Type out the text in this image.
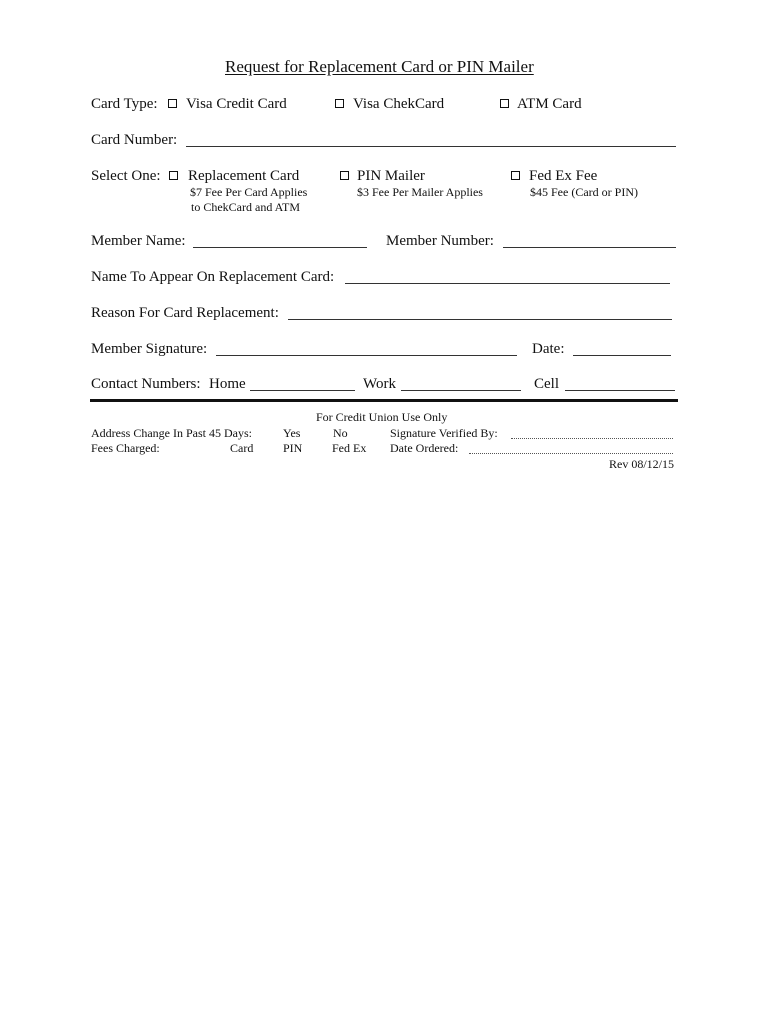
Request for Replacement Card or PIN Mailer
Card Type: Visa Credit Card	Visa ChekCard	ATM Card
Card Number:
Select One: Replacement Card
$7 Fee Per Card Applies
to ChekCard and ATM
PIN Mailer
$3 Fee Per Mailer Applies
Fed Ex Fee
$45 Fee (Card or PIN)
Member Name:	Member Number:
Name To Appear On Replacement Card:
Reason For Card Replacement:
Member Signature:	Date:
Contact Numbers: Home	Work	Cell
For Credit Union Use Only
Address Change In Past 45 Days:	Yes	No	Signature Verified By:
Fees Charged:	Card PIN Fed Ex Date Ordered:
Rev 08/12/15
